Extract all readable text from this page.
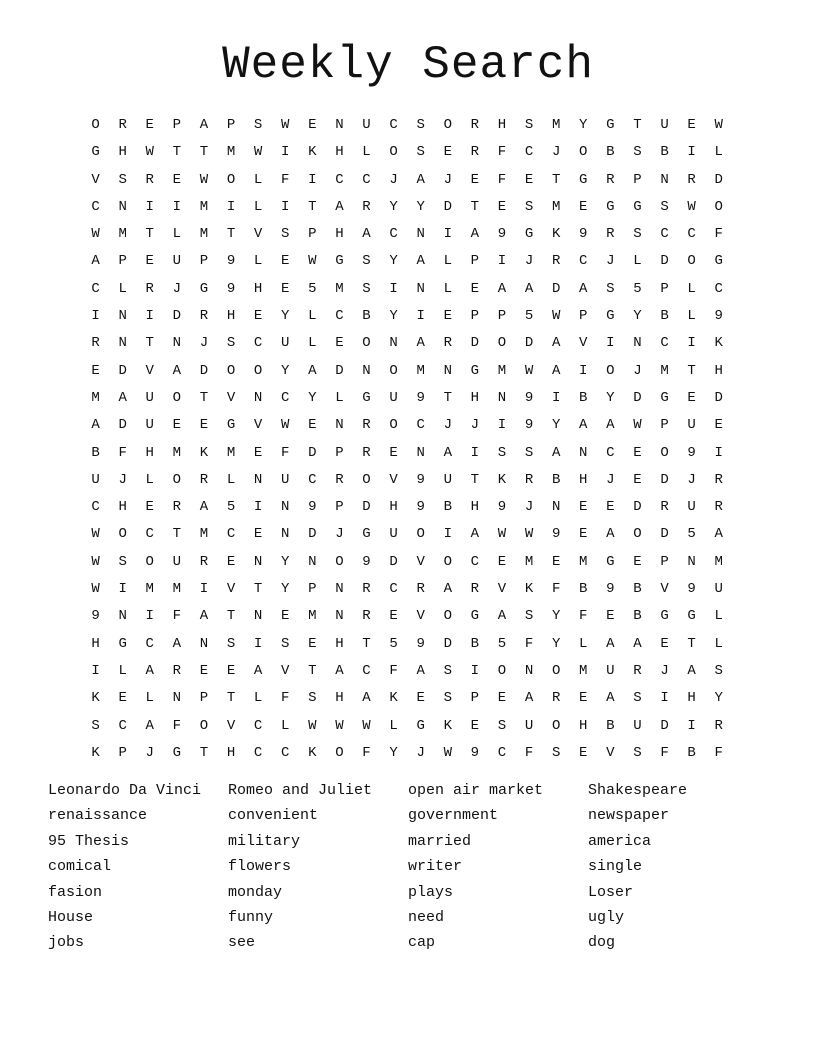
Weekly Search
O	R	E	P	A	P	S	W	E	N	U	C	S	O	R	H	S	M	Y	G	T	U	E	W
G	H	W	T	T	M	W	I	K	H	L	O	S	E	R	F	C	J	O	B	S	B	I	L
V	S	R	E	W	O	L	F	I	C	C	J	A	J	E	F	E	T	G	R	P	N	R	D
C	N	I	I	M	I	L	I	T	A	R	Y	Y	D	T	E	S	M	E	G	G	S	W	O
W	M	T	L	M	T	V	S	P	H	A	C	N	I	A	9	G	K	9	R	S	C	C	F
A	P	E	U	P	9	L	E	W	G	S	Y	A	L	P	I	J	R	C	J	L	D	O	G
C	L	R	J	G	9	H	E	5	M	S	I	N	L	E	A	A	D	A	S	5	P	L	C
I	N	I	D	R	H	E	Y	L	C	B	Y	I	E	P	P	5	W	P	G	Y	B	L	9
R	N	T	N	J	S	C	U	L	E	O	N	A	R	D	O	D	A	V	I	N	C	I	K
E	D	V	A	D	O	O	Y	A	D	N	O	M	N	G	M	W	A	I	O	J	M	T	H
M	A	U	O	T	V	N	C	Y	L	G	U	9	T	H	N	9	I	B	Y	D	G	E	D
A	D	U	E	E	G	V	W	E	N	R	O	C	J	J	I	9	Y	A	A	W	P	U	E
B	F	H	M	K	M	E	F	D	P	R	E	N	A	I	S	S	A	N	C	E	O	9	I
U	J	L	O	R	L	N	U	C	R	O	V	9	U	T	K	R	B	H	J	E	D	J	R
C	H	E	R	A	5	I	N	9	P	D	H	9	B	H	9	J	N	E	E	D	R	U	R
W	O	C	T	M	C	E	N	D	J	G	U	O	I	A	W	W	9	E	A	O	D	5	A
W	S	O	U	R	E	N	Y	N	O	9	D	V	O	C	E	M	E	M	G	E	P	N	M
W	I	M	M	I	V	T	Y	P	N	R	C	R	A	R	V	K	F	B	9	B	V	9	U
9	N	I	F	A	T	N	E	M	N	R	E	V	O	G	A	S	Y	F	E	B	G	G	L
H	G	C	A	N	S	I	S	E	H	T	5	9	D	B	5	F	Y	L	A	A	E	T	L
I	L	A	R	E	E	A	V	T	A	C	F	A	S	I	O	N	O	M	U	R	J	A	S
K	E	L	N	P	T	L	F	S	H	A	K	E	S	P	E	A	R	E	A	S	I	H	Y
S	C	A	F	O	V	C	L	W	W	W	L	G	K	E	S	U	O	H	B	U	D	I	R
K	P	J	G	T	H	C	C	K	O	F	Y	J	W	9	C	F	S	E	V	S	F	B	F
Leonardo Da Vinci	Romeo and Juliet	open air market	Shakespeare
renaissance	convenient	government	newspaper
95 Thesis	military	married	america
comical	flowers	writer	single
fasion	monday	plays	Loser
House	funny	need	ugly
jobs	see	cap	dog
